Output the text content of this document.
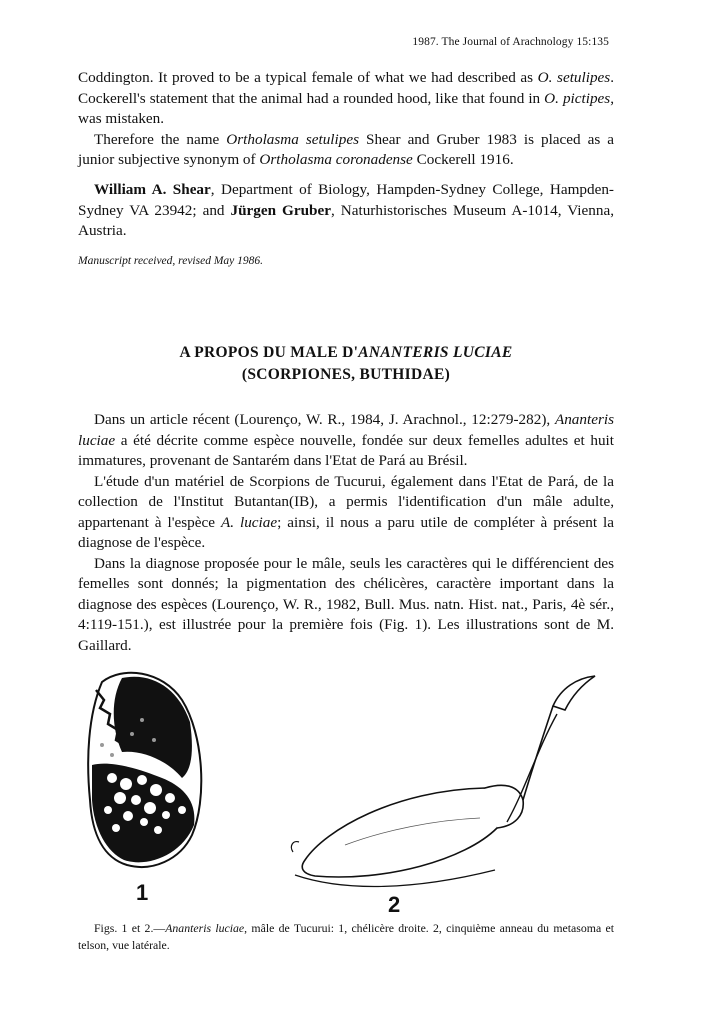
1987. The Journal of Arachnology 15:135

Coddington. It proved to be a typical female of what we had described as O. setulipes. Cockerell's statement that the animal had a rounded hood, like that found in O. pictipes, was mistaken.

Therefore the name Ortholasma setulipes Shear and Gruber 1983 is placed as a junior subjective synonym of Ortholasma coronadense Cockerell 1916.

William A. Shear, Department of Biology, Hampden-Sydney College, Hampden-Sydney VA 23942; and Jürgen Gruber, Naturhistorisches Museum A-1014, Vienna, Austria.

Manuscript received, revised May 1986.
A PROPOS DU MALE D'ANANTERIS LUCIAE
(SCORPIONES, BUTHIDAE)

Dans un article récent (Lourenço, W. R., 1984, J. Arachnol., 12:279-282), Ananteris luciae a été décrite comme espèce nouvelle, fondée sur deux femelles adultes et huit immatures, provenant de Santarém dans l'Etat de Pará au Brésil.

L'étude d'un matériel de Scorpions de Tucurui, également dans l'Etat de Pará, de la collection de l'Institut Butantan(IB), a permis l'identification d'un mâle adulte, appartenant à l'espèce A. luciae; ainsi, il nous a paru utile de compléter à présent la diagnose de l'espèce.

Dans la diagnose proposée pour le mâle, seuls les caractères qui le différencient des femelles sont donnés; la pigmentation des chélicères, caractère important dans la diagnose des espèces (Lourenço, W. R., 1982, Bull. Mus. natn. Hist. nat., Paris, 4è sér., 4:119-151.), est illustrée pour la première fois (Fig. 1). Les illustrations sont de M. Gaillard.

1	2
Figs. 1 et 2.—Ananteris luciae, mâle de Tucurui: 1, chélicère droite. 2, cinquième anneau du metasoma et telson, vue latérale.
